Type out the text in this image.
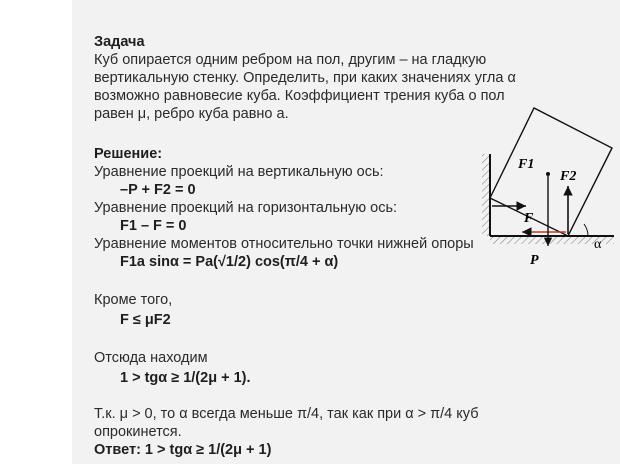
Задача
Куб опирается одним ребром на пол, другим – на гладкую
вертикальную стенку. Определить, при каких значениях угла α
возможно равновесие куба. Коэффициент трения куба о пол
равен μ, ребро куба равно а.
Решение:
Уравнение проекций на вертикальную ось:
–P + F2 = 0
Уравнение проекций на горизонтальную ось:
F1 – F = 0
Уравнение моментов относительно точки нижней опоры
F1a sinα = Pa(√1/2) cos(π/4 + α)
Кроме того,
F ≤ μF2
Отсюда находим
1 > tgα ≥ 1/(2μ + 1).
Т.к. μ > 0, то α всегда меньше π/4, так как при α > π/4 куб
опрокинется.
Ответ: 1 > tgα ≥ 1/(2μ + 1)
F1
F2
F
P
α
